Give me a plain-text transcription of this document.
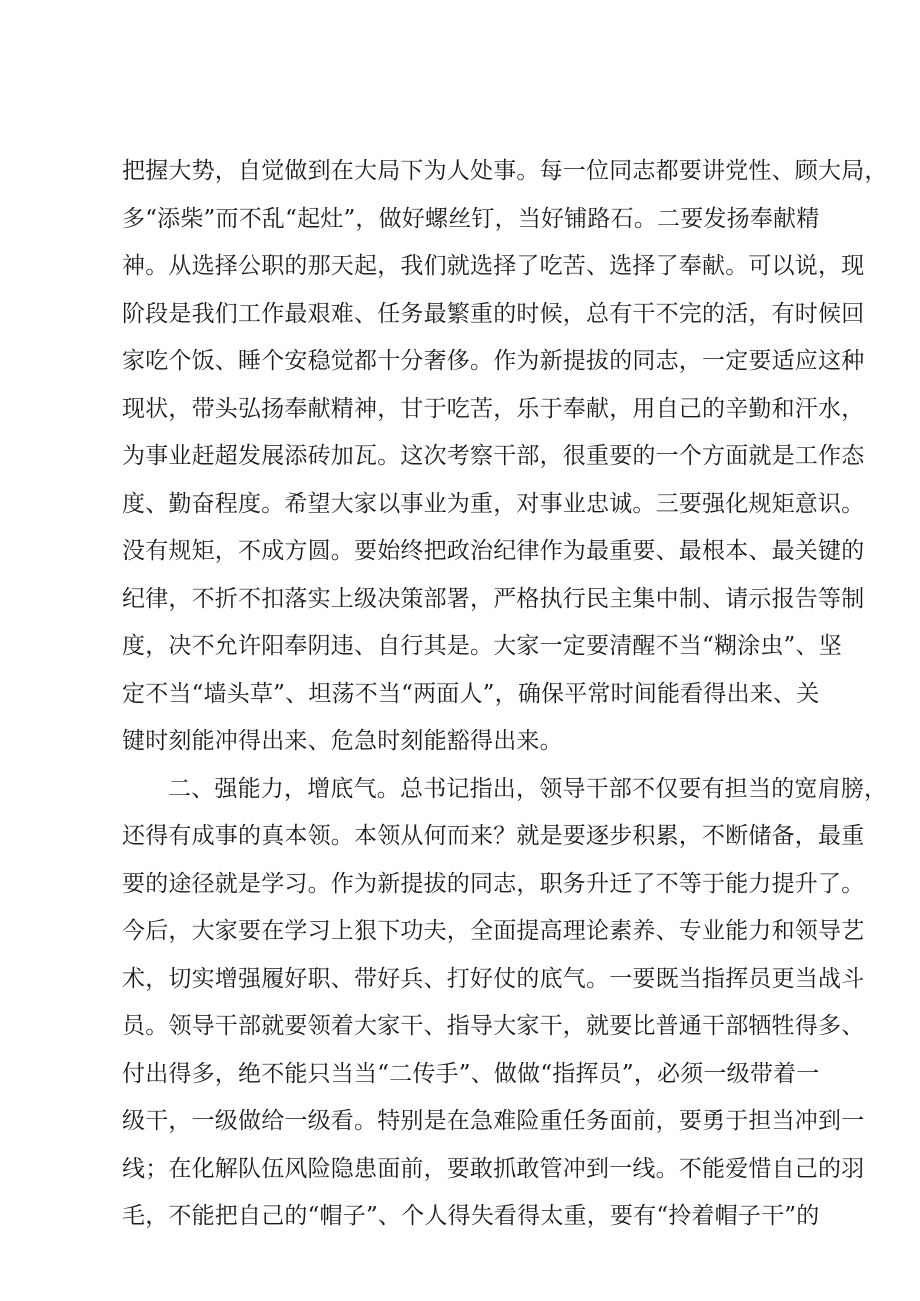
把握大势，自觉做到在大局下为人处事。每一位同志都要讲党性、顾大局，
多“添柴”而不乱“起灶”，做好螺丝钉，当好铺路石。二要发扬奉献精
神。从选择公职的那天起，我们就选择了吃苦、选择了奉献。可以说，现
阶段是我们工作最艰难、任务最繁重的时候，总有干不完的活，有时候回
家吃个饭、睡个安稳觉都十分奢侈。作为新提拔的同志，一定要适应这种
现状，带头弘扬奉献精神，甘于吃苦，乐于奉献，用自己的辛勤和汗水，
为事业赶超发展添砖加瓦。这次考察干部，很重要的一个方面就是工作态
度、勤奋程度。希望大家以事业为重，对事业忠诚。三要强化规矩意识。
没有规矩，不成方圆。要始终把政治纪律作为最重要、最根本、最关键的
纪律，不折不扣落实上级决策部署，严格执行民主集中制、请示报告等制
度，决不允许阳奉阴违、自行其是。大家一定要清醒不当“糊涂虫”、坚
定不当“墙头草”、坦荡不当“两面人”，确保平常时间能看得出来、关
键时刻能冲得出来、危急时刻能豁得出来。
二、强能力，增底气。总书记指出，领导干部不仅要有担当的宽肩膀，
还得有成事的真本领。本领从何而来？就是要逐步积累，不断储备，最重
要的途径就是学习。作为新提拔的同志，职务升迁了不等于能力提升了。
今后，大家要在学习上狠下功夫，全面提高理论素养、专业能力和领导艺
术，切实增强履好职、带好兵、打好仗的底气。一要既当指挥员更当战斗
员。领导干部就要领着大家干、指导大家干，就要比普通干部牺牲得多、
付出得多，绝不能只当当“二传手”、做做“指挥员”，必须一级带着一
级干，一级做给一级看。特别是在急难险重任务面前，要勇于担当冲到一
线；在化解队伍风险隐患面前，要敢抓敢管冲到一线。不能爱惜自己的羽
毛，不能把自己的“帽子”、个人得失看得太重，要有“拎着帽子干”的
